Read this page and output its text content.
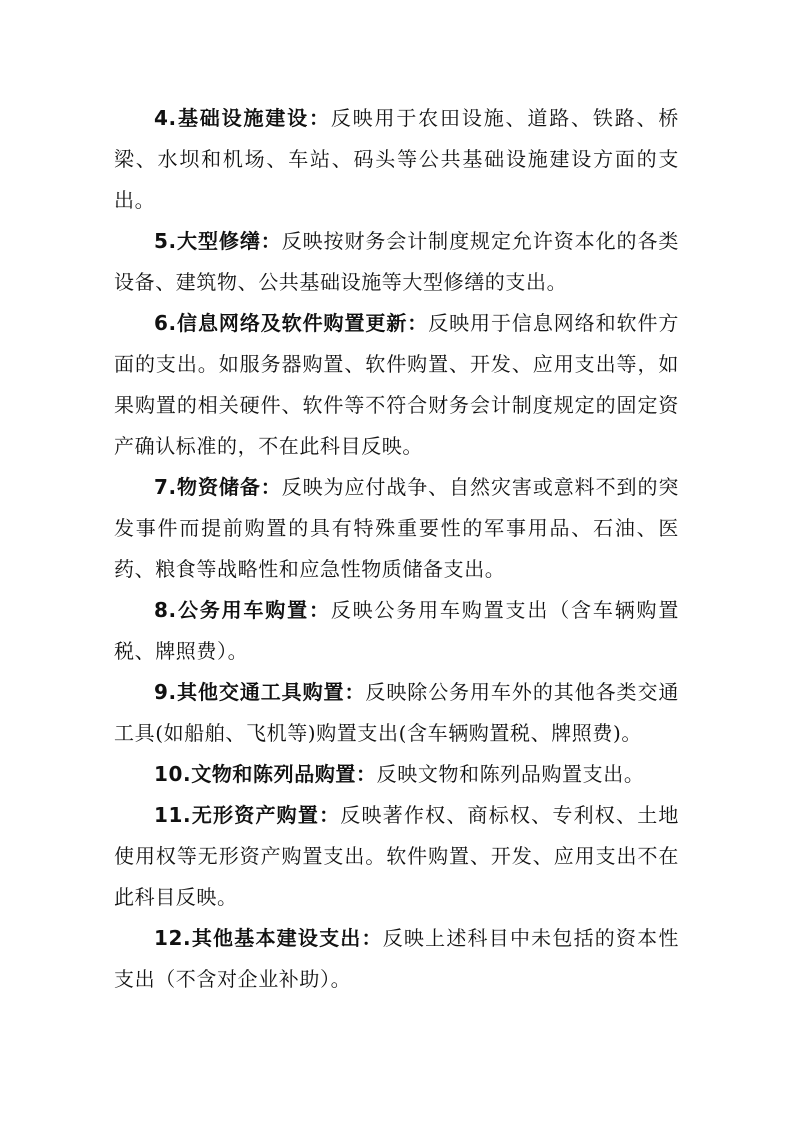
4.基础设施建设：反映用于农田设施、道路、铁路、桥梁、水坝和机场、车站、码头等公共基础设施建设方面的支出。

5.大型修缮：反映按财务会计制度规定允许资本化的各类设备、建筑物、公共基础设施等大型修缮的支出。

6.信息网络及软件购置更新：反映用于信息网络和软件方面的支出。如服务器购置、软件购置、开发、应用支出等，如果购置的相关硬件、软件等不符合财务会计制度规定的固定资产确认标准的，不在此科目反映。

7.物资储备：反映为应付战争、自然灾害或意料不到的突发事件而提前购置的具有特殊重要性的军事用品、石油、医药、粮食等战略性和应急性物质储备支出。

8.公务用车购置：反映公务用车购置支出（含车辆购置税、牌照费）。

9.其他交通工具购置：反映除公务用车外的其他各类交通工具(如船舶、飞机等)购置支出(含车辆购置税、牌照费)。

10.文物和陈列品购置：反映文物和陈列品购置支出。

11.无形资产购置：反映著作权、商标权、专利权、土地使用权等无形资产购置支出。软件购置、开发、应用支出不在此科目反映。

12.其他基本建设支出：反映上述科目中未包括的资本性支出（不含对企业补助）。
